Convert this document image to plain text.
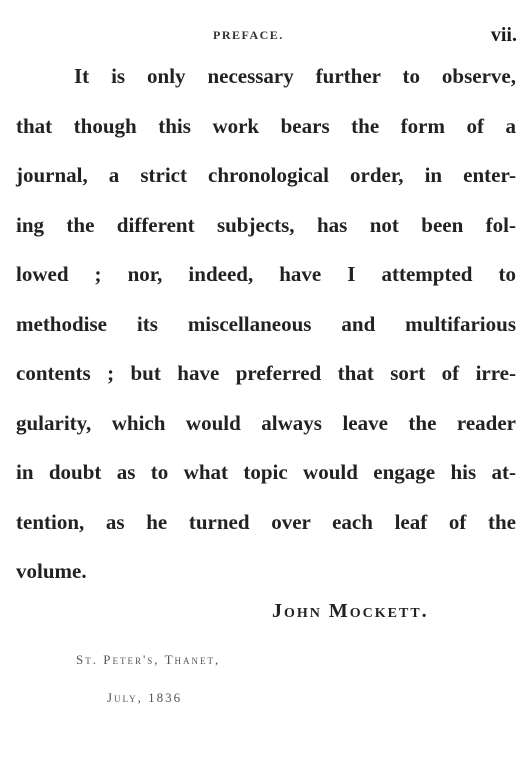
PREFACE.	vii.
It is only necessary further to observe,
that though this work bears the form of a
journal, a strict chronological order, in enter-
ing the different subjects, has not been fol-
lowed ; nor, indeed, have I attempted to
methodise its miscellaneous and multifarious
contents ; but have preferred that sort of irre-
gularity, which would always leave the reader
in doubt as to what topic would engage his at-
tention, as he turned over each leaf of the
volume.
John Mockett.
St. Peter's, Thanet,
July, 1836
